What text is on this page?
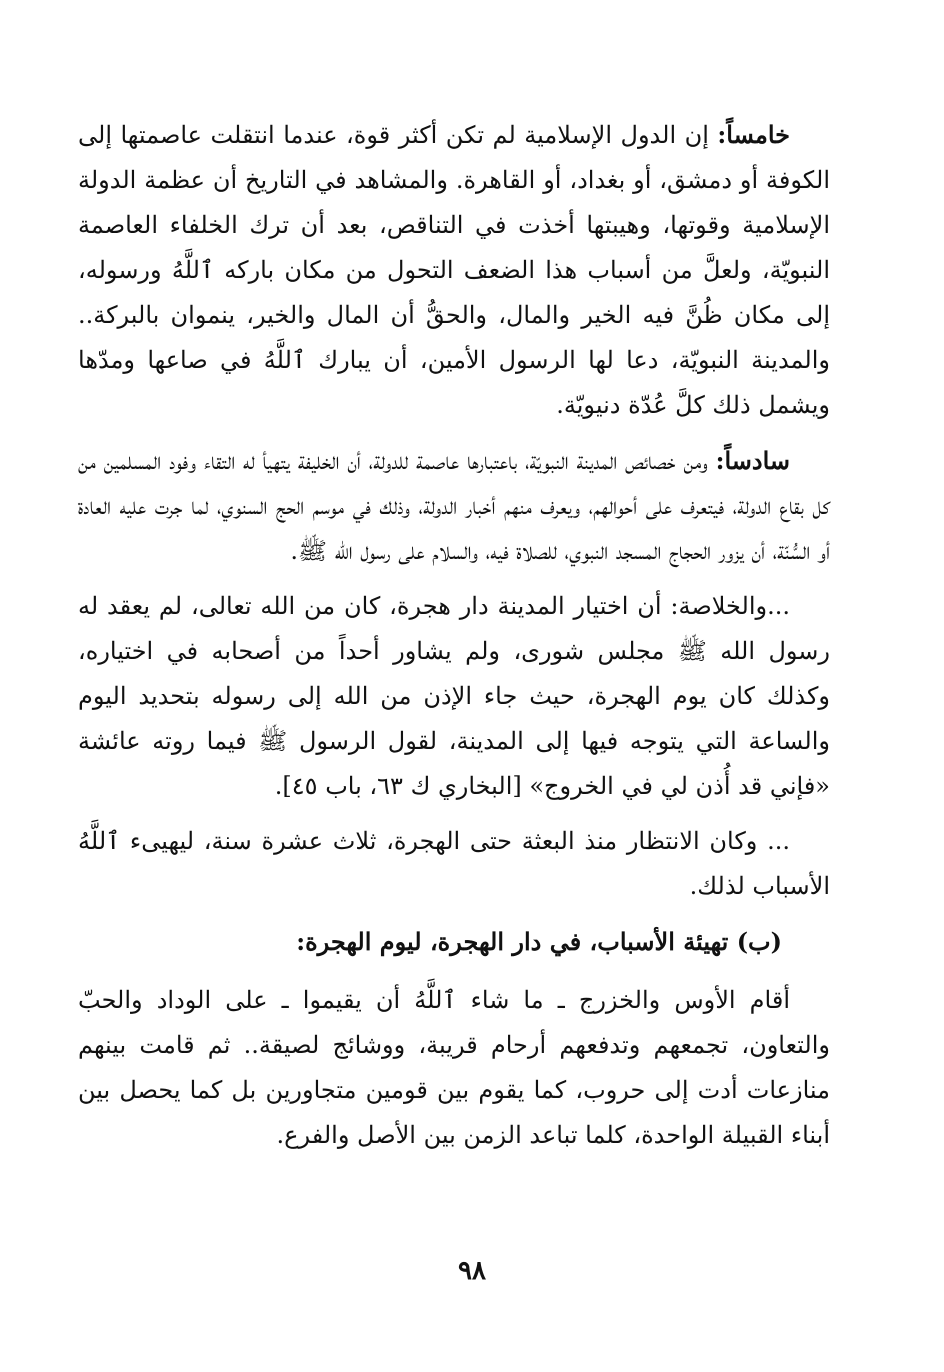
خامساً: إن الدول الإسلامية لم تكن أكثر قوة، عندما انتقلت عاصمتها إلى الكوفة أو دمشق، أو بغداد، أو القاهرة. والمشاهد في التاريخ أن عظمة الدولة الإسلامية وقوتها، وهيبتها أخذت في التناقص، بعد أن ترك الخلفاء العاصمة النبويّة، ولعلَّ من أسباب هذا الضعف التحول من مكان باركه ٱللَّهُ ورسوله، إلى مكان ظُنَّ فيه الخير والمال، والحقُّ أن المال والخير، ينموان بالبركة.. والمدينة النبويّة، دعا لها الرسول الأمين، أن يبارك ٱللَّهُ في صاعها ومدّها ويشمل ذلك كلَّ عُدّة دنيويّة.

سادساً: ومن خصائص المدينة النبويّة، باعتبارها عاصمة للدولة، أن الخليفة يتهيأ له التقاء وفود المسلمين من كل بقاع الدولة، فيتعرف على أحوالهم، ويعرف منهم أخبار الدولة، وذلك في موسم الحج السنوي، لما جرت عليه العادة أو السُّنّة، أن يزور الحجاج المسجد النبوي، للصلاة فيه، والسلام على رسول الله ﷺ.

...والخلاصة: أن اختيار المدينة دار هجرة، كان من الله تعالى، لم يعقد له رسول الله ﷺ مجلس شورى، ولم يشاور أحداً من أصحابه في اختياره، وكذلك كان يوم الهجرة، حيث جاء الإذن من الله إلى رسوله بتحديد اليوم والساعة التي يتوجه فيها إلى المدينة، لقول الرسول ﷺ فيما روته عائشة «فإني قد أُذن لي في الخروج» [البخاري ك ٦٣، باب ٤٥].

... وكان الانتظار منذ البعثة حتى الهجرة، ثلاث عشرة سنة، ليهيىء ٱللَّهُ الأسباب لذلك.

(ب) تهيئة الأسباب، في دار الهجرة، ليوم الهجرة:

أقام الأوس والخزرج ـ ما شاء ٱللَّهُ أن يقيموا ـ على الوداد والحبّ والتعاون، تجمعهم وتدفعهم أرحام قريبة، ووشائج لصيقة.. ثم قامت بينهم منازعات أدت إلى حروب، كما يقوم بين قومين متجاورين بل كما يحصل بين أبناء القبيلة الواحدة، كلما تباعد الزمن بين الأصل والفرع.

٩٨
